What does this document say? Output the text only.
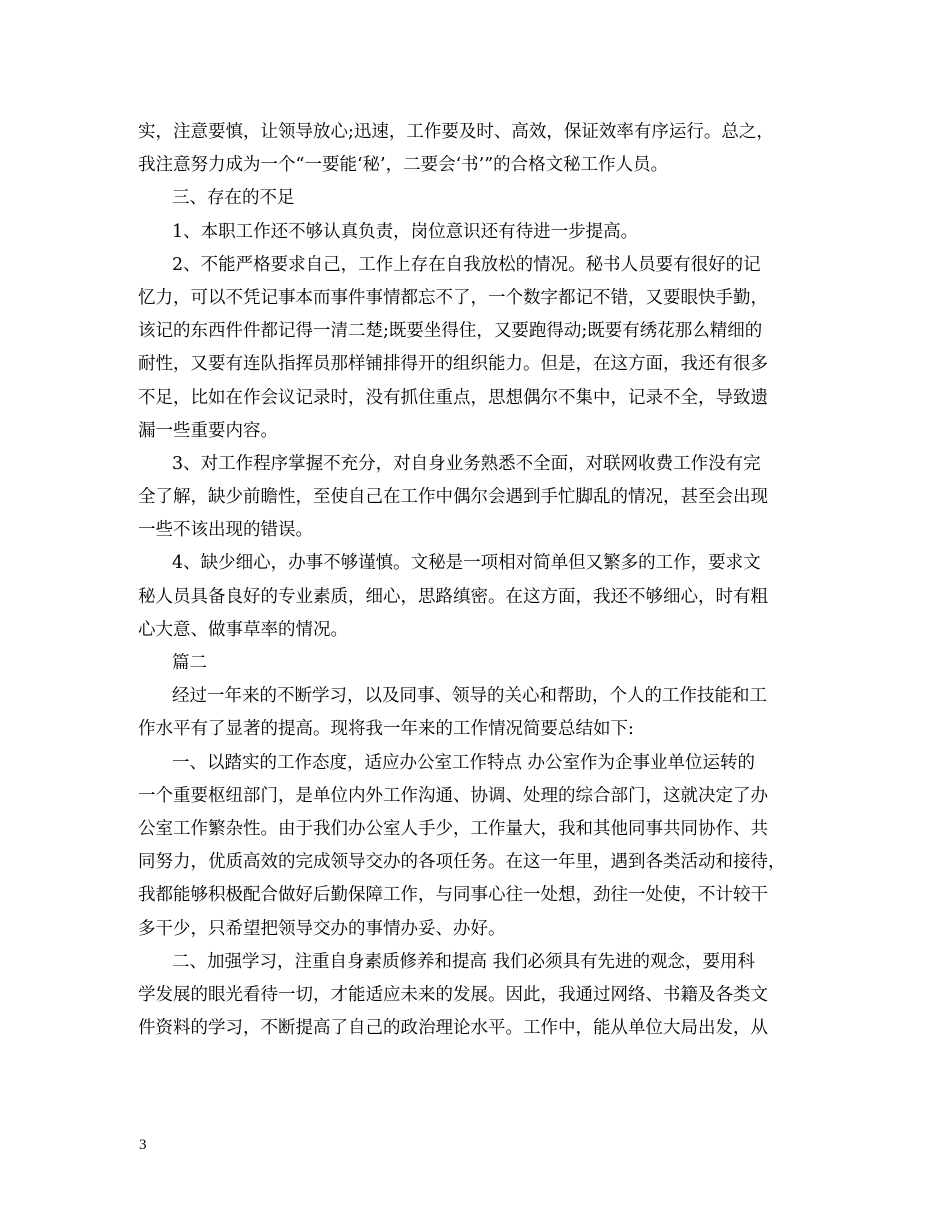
实，注意要慎，让领导放心;迅速，工作要及时、高效，保证效率有序运行。总之，
我注意努力成为一个“一要能‘秘’，二要会‘书’”的合格文秘工作人员。
三、存在的不足
1、本职工作还不够认真负责，岗位意识还有待进一步提高。
2、不能严格要求自己，工作上存在自我放松的情况。秘书人员要有很好的记
忆力，可以不凭记事本而事件事情都忘不了，一个数字都记不错，又要眼快手勤，
该记的东西件件都记得一清二楚;既要坐得住，又要跑得动;既要有绣花那么精细的
耐性，又要有连队指挥员那样铺排得开的组织能力。但是，在这方面，我还有很多
不足，比如在作会议记录时，没有抓住重点，思想偶尔不集中，记录不全，导致遗
漏一些重要内容。
3、对工作程序掌握不充分，对自身业务熟悉不全面，对联网收费工作没有完
全了解，缺少前瞻性，至使自己在工作中偶尔会遇到手忙脚乱的情况，甚至会出现
一些不该出现的错误。
4、缺少细心，办事不够谨慎。文秘是一项相对简单但又繁多的工作，要求文
秘人员具备良好的专业素质，细心，思路缜密。在这方面，我还不够细心，时有粗
心大意、做事草率的情况。
篇二
经过一年来的不断学习，以及同事、领导的关心和帮助，个人的工作技能和工
作水平有了显著的提高。现将我一年来的工作情况简要总结如下:
一、以踏实的工作态度，适应办公室工作特点 办公室作为企事业单位运转的
一个重要枢纽部门，是单位内外工作沟通、协调、处理的综合部门，这就决定了办
公室工作繁杂性。由于我们办公室人手少，工作量大，我和其他同事共同协作、共
同努力，优质高效的完成领导交办的各项任务。在这一年里，遇到各类活动和接待，
我都能够积极配合做好后勤保障工作，与同事心往一处想，劲往一处使，不计较干
多干少，只希望把领导交办的事情办妥、办好。
二、加强学习，注重自身素质修养和提高 我们必须具有先进的观念，要用科
学发展的眼光看待一切，才能适应未来的发展。因此，我通过网络、书籍及各类文
件资料的学习，不断提高了自己的政治理论水平。工作中，能从单位大局出发，从
3
